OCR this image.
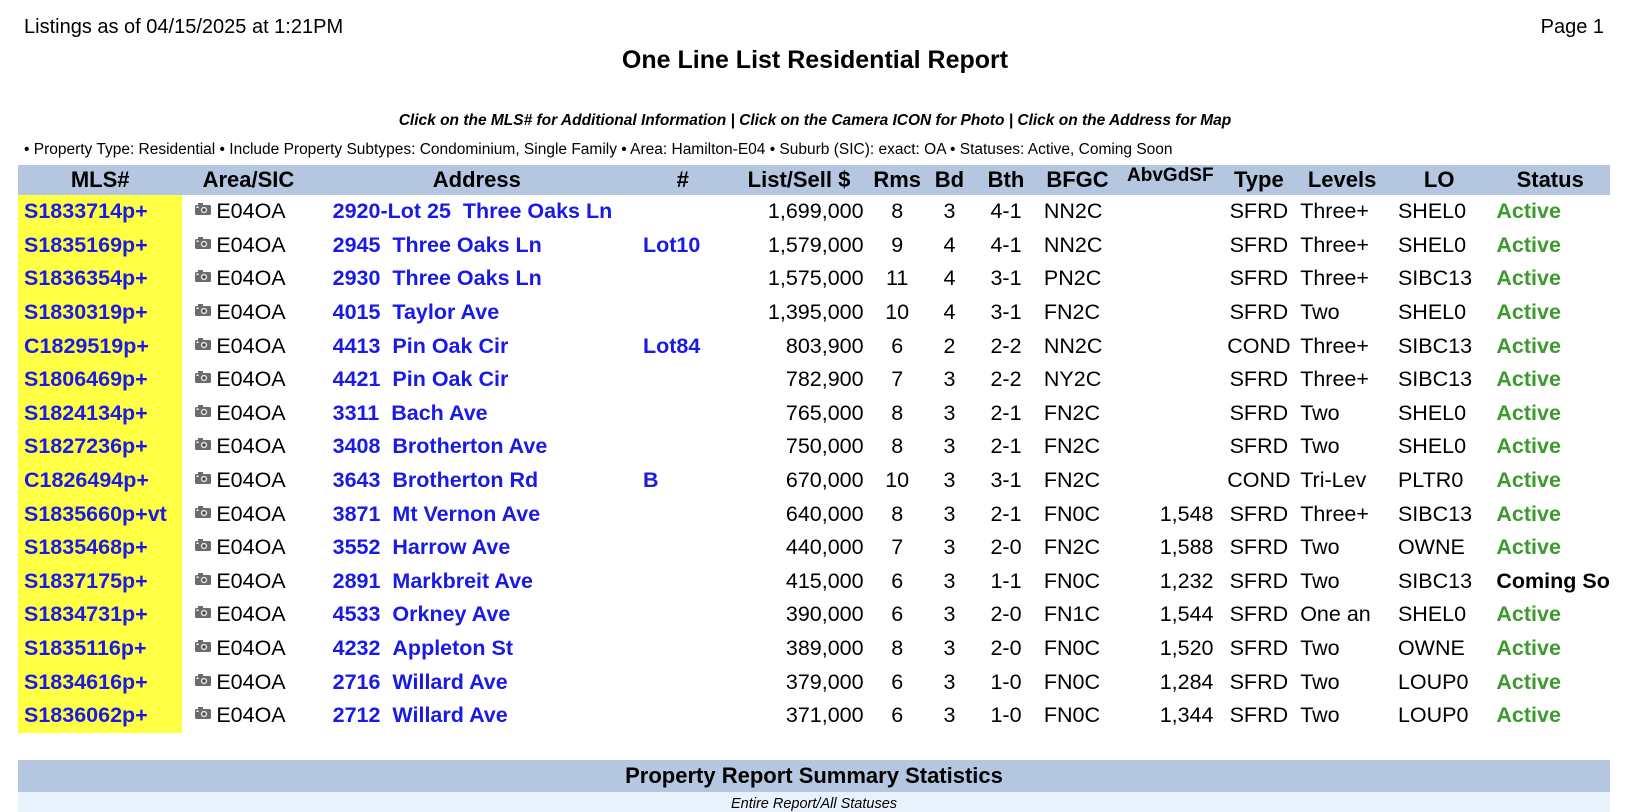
Listings as of 04/15/2025 at 1:21PM	Page 1
One Line List Residential Report
Click on the MLS# for Additional Information | Click on the Camera ICON for Photo | Click on the Address for Map
• Property Type: Residential • Include Property Subtypes: Condominium, Single Family • Area: Hamilton-E04 • Suburb (SIC): exact: OA • Statuses: Active, Coming Soon
MLS#	Area/SIC	Address	#	List/Sell $	Rms	Bd	Bth	BFGC	AbvGdSF	Type	Levels	LO	Status
S1833714p+	E04OA	2920-Lot 25 Three Oaks Ln		1,699,000	8	3	4-1	NN2C		SFRD	Three+	SHEL0	Active
S1835169p+	E04OA	2945 Three Oaks Ln	Lot10	1,579,000	9	4	4-1	NN2C		SFRD	Three+	SHEL0	Active
S1836354p+	E04OA	2930 Three Oaks Ln		1,575,000	11	4	3-1	PN2C		SFRD	Three+	SIBC13	Active
S1830319p+	E04OA	4015 Taylor Ave		1,395,000	10	4	3-1	FN2C		SFRD	Two	SHEL0	Active
C1829519p+	E04OA	4413 Pin Oak Cir	Lot84	803,900	6	2	2-2	NN2C		COND	Three+	SIBC13	Active
S1806469p+	E04OA	4421 Pin Oak Cir		782,900	7	3	2-2	NY2C		SFRD	Three+	SIBC13	Active
S1824134p+	E04OA	3311 Bach Ave		765,000	8	3	2-1	FN2C		SFRD	Two	SHEL0	Active
S1827236p+	E04OA	3408 Brotherton Ave		750,000	8	3	2-1	FN2C		SFRD	Two	SHEL0	Active
C1826494p+	E04OA	3643 Brotherton Rd	B	670,000	10	3	3-1	FN2C		COND	Tri-Lev	PLTR0	Active
S1835660p+vt	E04OA	3871 Mt Vernon Ave		640,000	8	3	2-1	FN0C	1,548	SFRD	Three+	SIBC13	Active
S1835468p+	E04OA	3552 Harrow Ave		440,000	7	3	2-0	FN2C	1,588	SFRD	Two	OWNE	Active
S1837175p+	E04OA	2891 Markbreit Ave		415,000	6	3	1-1	FN0C	1,232	SFRD	Two	SIBC13	Coming So
S1834731p+	E04OA	4533 Orkney Ave		390,000	6	3	2-0	FN1C	1,544	SFRD	One an	SHEL0	Active
S1835116p+	E04OA	4232 Appleton St		389,000	8	3	2-0	FN0C	1,520	SFRD	Two	OWNE	Active
S1834616p+	E04OA	2716 Willard Ave		379,000	6	3	1-0	FN0C	1,284	SFRD	Two	LOUP0	Active
S1836062p+	E04OA	2712 Willard Ave		371,000	6	3	1-0	FN0C	1,344	SFRD	Two	LOUP0	Active
Property Report Summary Statistics
Entire Report/All Statuses
